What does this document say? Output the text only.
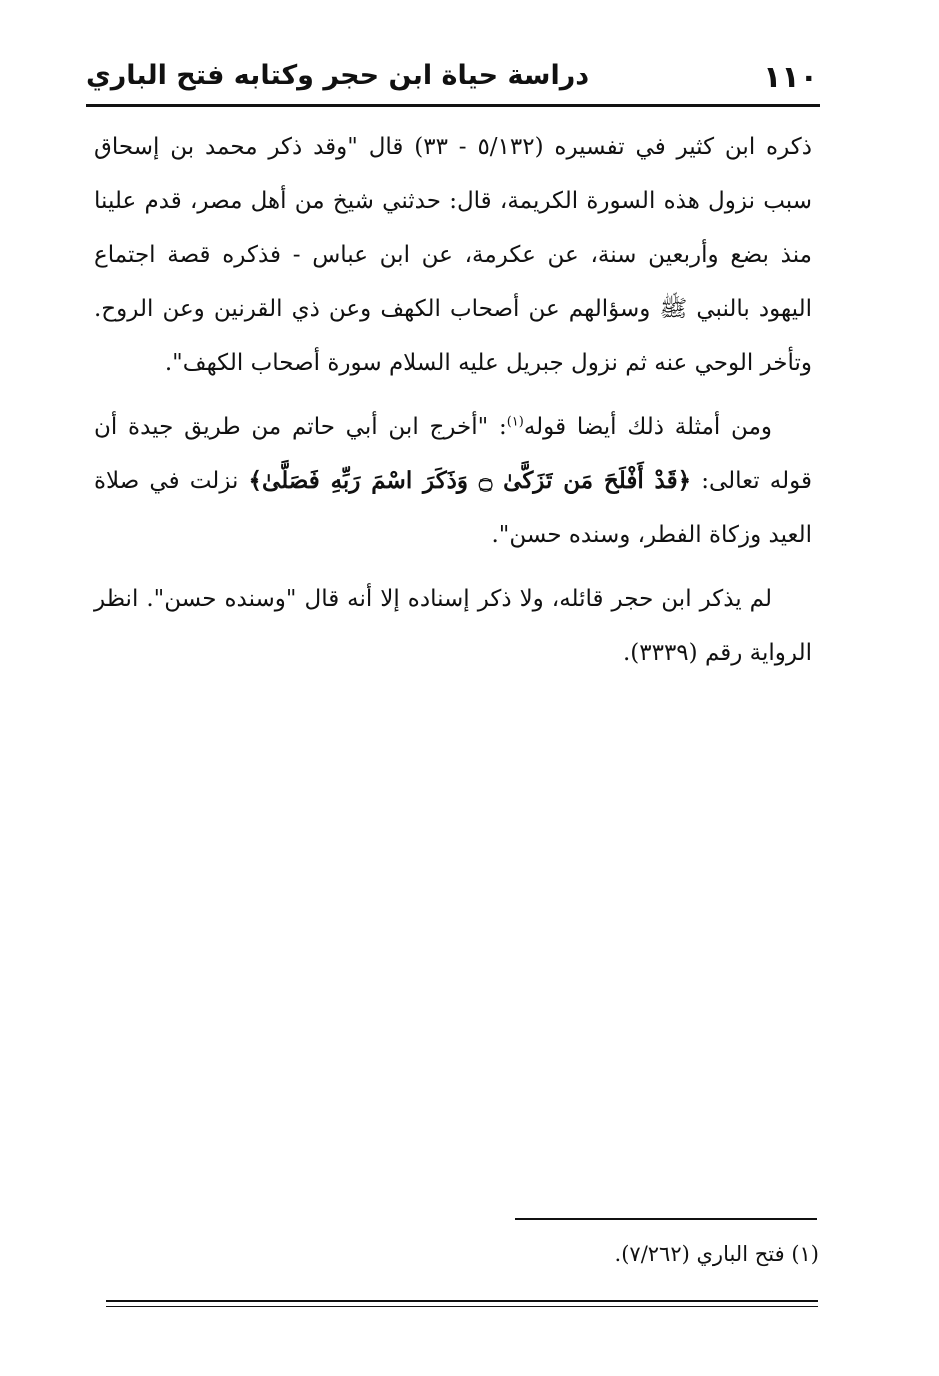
١١٠
دراسة حياة ابن حجر وكتابه فتح الباري

ذكره ابن كثير في تفسيره (٥/١٣٢ - ٣٣) قال "وقد ذكر محمد بن إسحاق سبب نزول هذه السورة الكريمة، قال: حدثني شيخ من أهل مصر، قدم علينا منذ بضع وأربعين سنة، عن عكرمة، عن ابن عباس - فذكره قصة اجتماع اليهود بالنبي ﷺ وسؤالهم عن أصحاب الكهف وعن ذي القرنين وعن الروح. وتأخر الوحي عنه ثم نزول جبريل عليه السلام سورة أصحاب الكهف".

ومن أمثلة ذلك أيضا قوله$^{(١)}$: "أخرج ابن أبي حاتم من طريق جيدة أن قوله تعالى: ﴿قَدْ أَفْلَحَ مَن تَزَكَّىٰ ۝ وَذَكَرَ اسْمَ رَبِّهِ فَصَلَّىٰ﴾ نزلت في صلاة العيد وزكاة الفطر، وسنده حسن".

لم يذكر ابن حجر قائله، ولا ذكر إسناده إلا أنه قال "وسنده حسن". انظر الرواية رقم (٣٣٣٩).

(١) فتح الباري (٧/٢٦٢).
